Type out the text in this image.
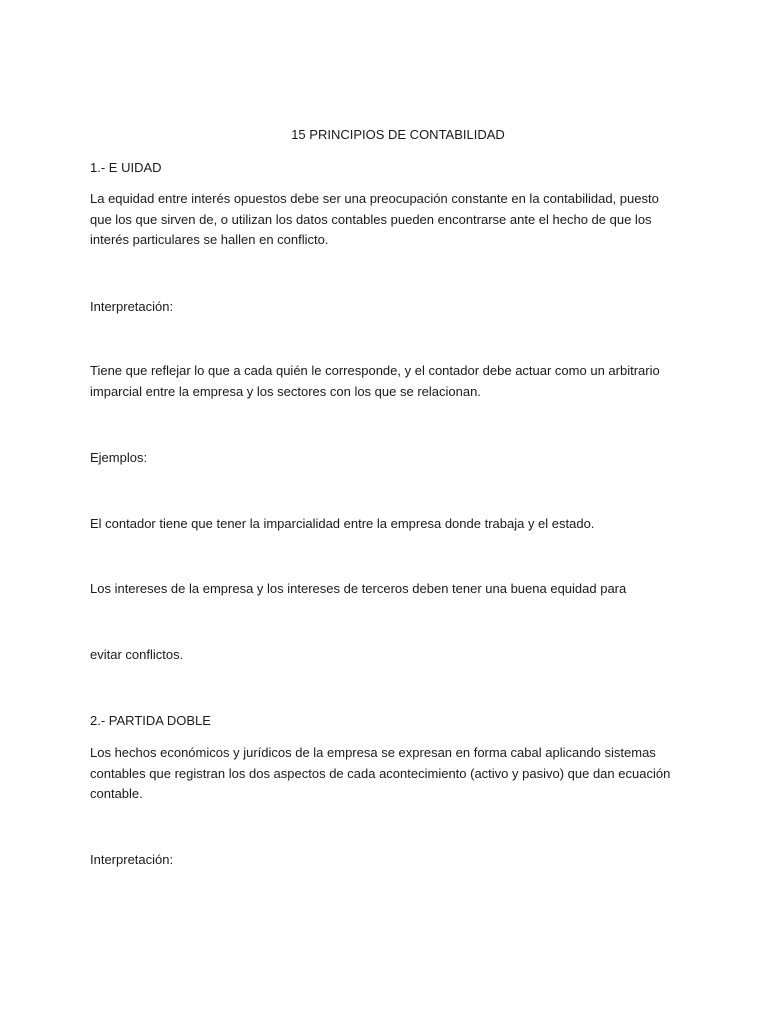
15 PRINCIPIOS DE CONTABILIDAD

1.- E UIDAD

La equidad entre interés opuestos debe ser una preocupación constante en la contabilidad, puesto que los que sirven de, o utilizan los datos contables pueden encontrarse ante el hecho de que los interés particulares se hallen en conflicto.

Interpretación:

Tiene que reflejar lo que a cada quién le corresponde, y el contador debe actuar como un arbitrario imparcial entre la empresa y los sectores con los que se relacionan.

Ejemplos:

El contador tiene que tener la imparcialidad entre la empresa donde trabaja y el estado.

Los intereses de la empresa y los intereses de terceros deben tener una buena equidad para

evitar conflictos.

2.- PARTIDA DOBLE

Los hechos económicos y jurídicos de la empresa se expresan en forma cabal aplicando sistemas contables que registran los dos aspectos de cada acontecimiento (activo y pasivo) que dan ecuación contable.

Interpretación:
